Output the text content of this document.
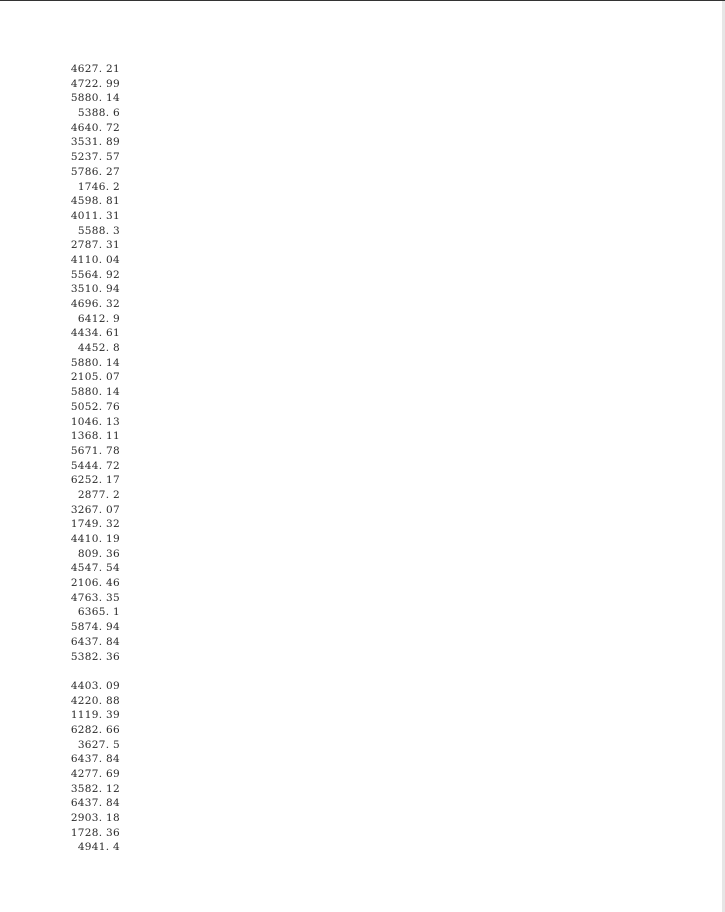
4627. 21
4722. 99
5880. 14
5388. 6
4640. 72
3531. 89
5237. 57
5786. 27
1746. 2
4598. 81
4011. 31
5588. 3
2787. 31
4110. 04
5564. 92
3510. 94
4696. 32
6412. 9
4434. 61
4452. 8
5880. 14
2105. 07
5880. 14
5052. 76
1046. 13
1368. 11
5671. 78
5444. 72
6252. 17
2877. 2
3267. 07
1749. 32
4410. 19
809. 36
4547. 54
2106. 46
4763. 35
6365. 1
5874. 94
6437. 84
5382. 36
4403. 09
4220. 88
1119. 39
6282. 66
3627. 5
6437. 84
4277. 69
3582. 12
6437. 84
2903. 18
1728. 36
4941. 4
